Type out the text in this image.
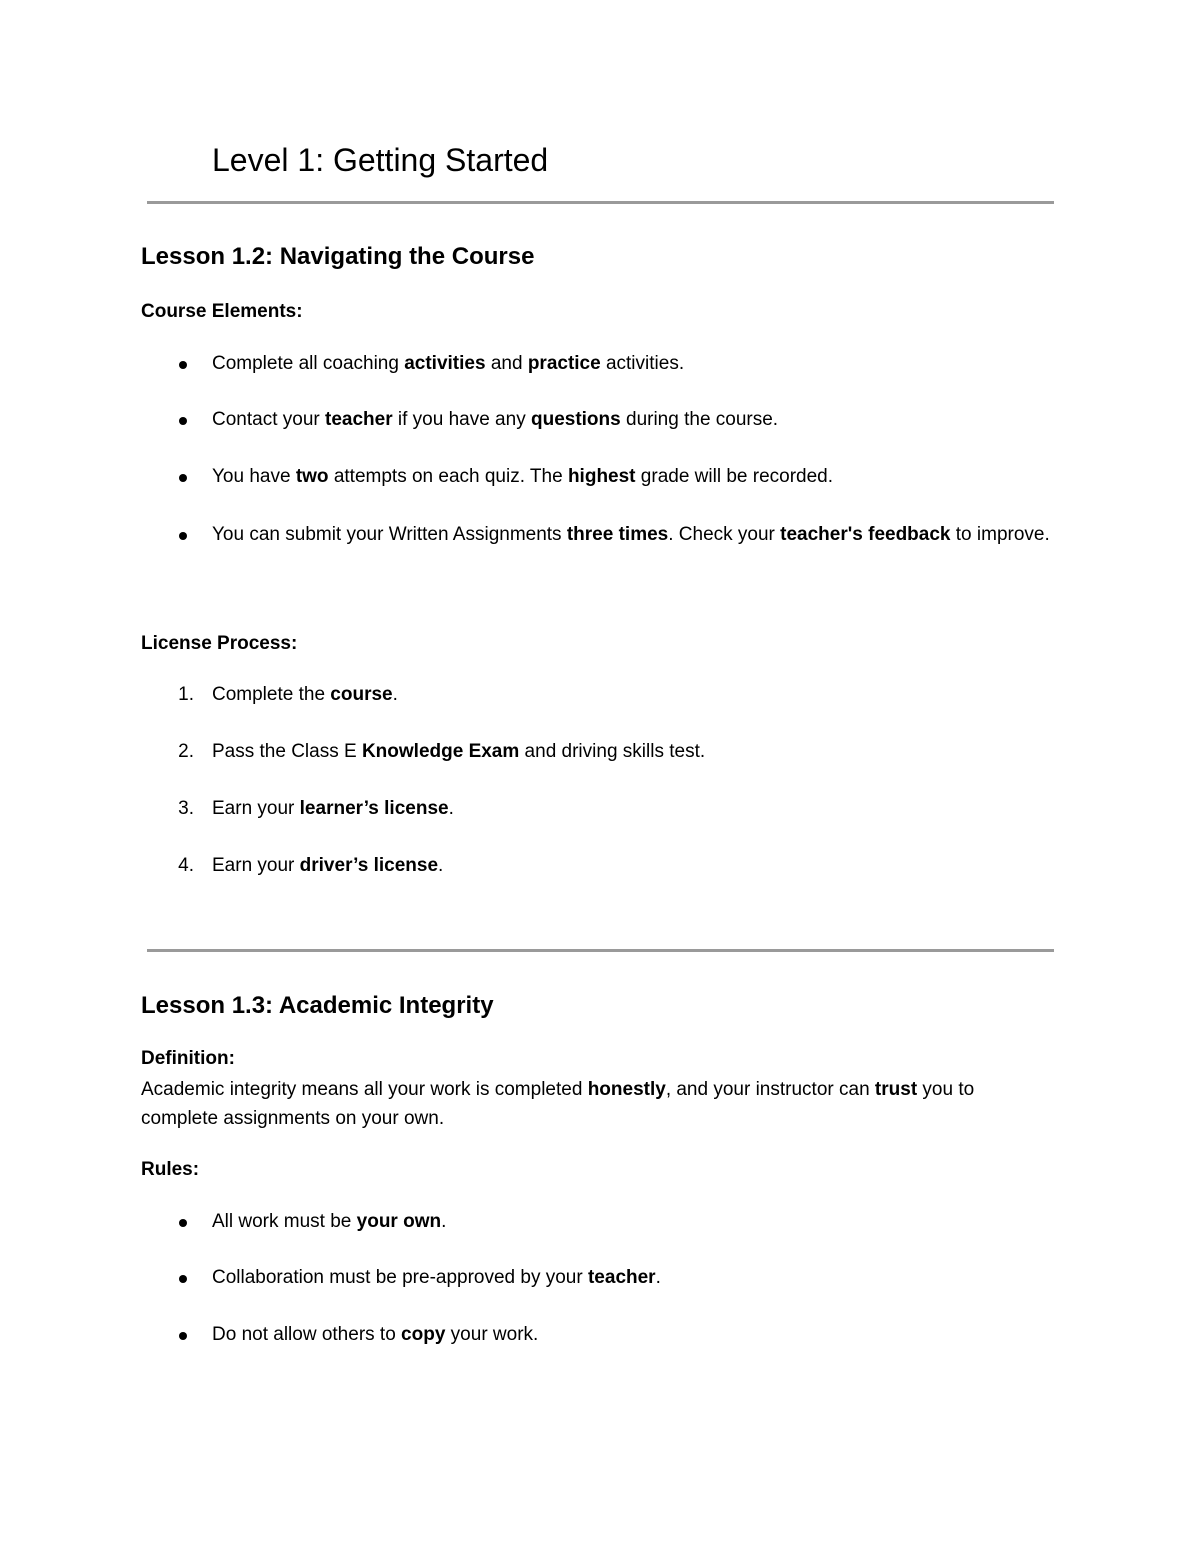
Level 1: Getting Started
Lesson 1.2: Navigating the Course

Course Elements:

Complete all coaching activities and practice activities.
Contact your teacher if you have any questions during the course.
You have two attempts on each quiz. The highest grade will be recorded.
You can submit your Written Assignments three times. Check your teacher's feedback to improve.

License Process:

1. Complete the course.
2. Pass the Class E Knowledge Exam and driving skills test.
3. Earn your learner’s license.
4. Earn your driver’s license.
Lesson 1.3: Academic Integrity

Definition:

Academic integrity means all your work is completed honestly, and your instructor can trust you to complete assignments on your own.

Rules:

All work must be your own.
Collaboration must be pre-approved by your teacher.
Do not allow others to copy your work.
